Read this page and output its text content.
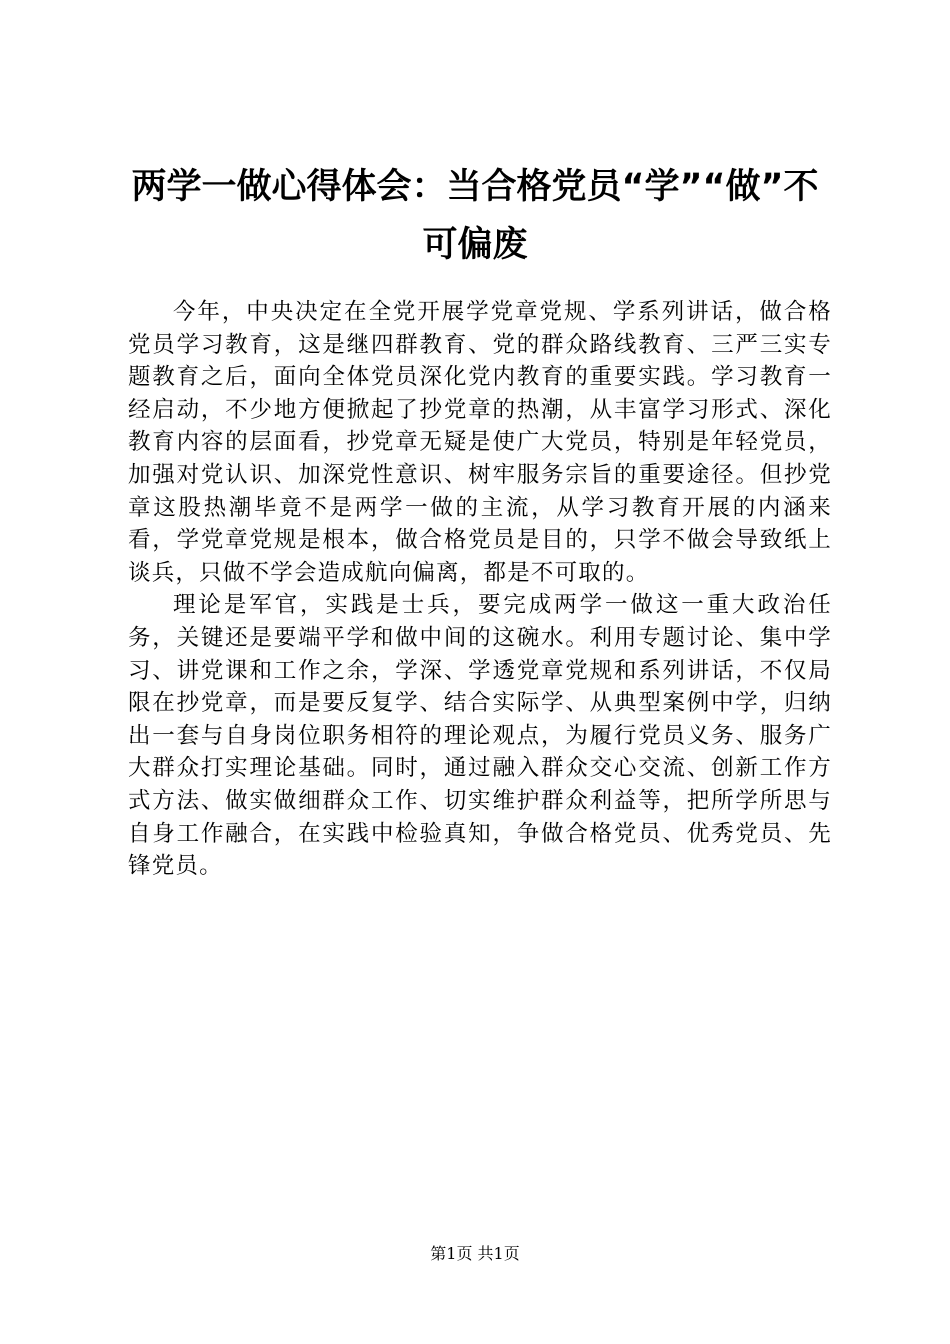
两学一做心得体会：当合格党员“学”“做”不可偏废

今年，中央决定在全党开展学党章党规、学系列讲话，做合格党员学习教育，这是继四群教育、党的群众路线教育、三严三实专题教育之后，面向全体党员深化党内教育的重要实践。学习教育一经启动，不少地方便掀起了抄党章的热潮，从丰富学习形式、深化教育内容的层面看，抄党章无疑是使广大党员，特别是年轻党员，加强对党认识、加深党性意识、树牢服务宗旨的重要途径。但抄党章这股热潮毕竟不是两学一做的主流，从学习教育开展的内涵来看，学党章党规是根本，做合格党员是目的，只学不做会导致纸上谈兵，只做不学会造成航向偏离，都是不可取的。

理论是军官，实践是士兵，要完成两学一做这一重大政治任务，关键还是要端平学和做中间的这碗水。利用专题讨论、集中学习、讲党课和工作之余，学深、学透党章党规和系列讲话，不仅局限在抄党章，而是要反复学、结合实际学、从典型案例中学，归纳出一套与自身岗位职务相符的理论观点，为履行党员义务、服务广大群众打实理论基础。同时，通过融入群众交心交流、创新工作方式方法、做实做细群众工作、切实维护群众利益等，把所学所思与自身工作融合，在实践中检验真知，争做合格党员、优秀党员、先锋党员。

第1页 共1页
